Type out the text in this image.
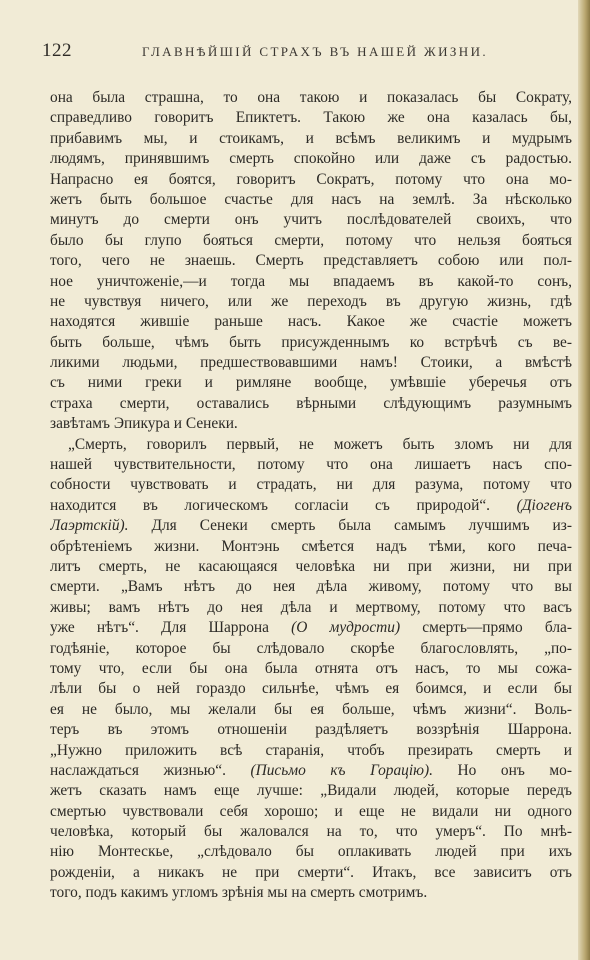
122	ГЛАВНѢЙШІЙ СТРАХЪ ВЪ НАШЕЙ ЖИЗНИ.
она была страшна, то она такою и показалась бы Сократу,
справедливо говоритъ Епиктетъ. Такою же она казалась бы,
прибавимъ мы, и стоикамъ, и всѣмъ великимъ и мудрымъ
людямъ, принявшимъ смерть спокойно или даже съ радостью.
Напрасно ея боятся, говоритъ Сократъ, потому что она мо-
жетъ быть большое счастье для насъ на землѣ. За нѣсколько
минутъ до смерти онъ учитъ послѣдователей своихъ, что
было бы глупо бояться смерти, потому что нельзя бояться
того, чего не знаешь. Смерть представляетъ собою или пол-
ное уничтоженіе,—и тогда мы впадаемъ въ какой-то сонъ,
не чувствуя ничего, или же переходъ въ другую жизнь, гдѣ
находятся жившіе раньше насъ. Какое же счастіе можетъ
быть больше, чѣмъ быть присужденнымъ ко встрѣчѣ съ ве-
ликими людьми, предшествовавшими намъ! Стоики, а вмѣстѣ
съ ними греки и римляне вообще, умѣвшіе уберечья отъ
страха смерти, оставались вѣрными слѣдующимъ разумнымъ
завѣтамъ Эпикура и Сенеки.
„Смерть, говорилъ первый, не можетъ быть зломъ ни для
нашей чувствительности, потому что она лишаетъ насъ спо-
собности чувствовать и страдать, ни для разума, потому что
находится въ логическомъ согласіи съ природой“. (Діогенъ
Лаэртскій). Для Сенеки смерть была самымъ лучшимъ из-
обрѣтеніемъ жизни. Монтэнь смѣется надъ тѣми, кого печа-
литъ смерть, не касающаяся человѣка ни при жизни, ни при
смерти. „Вамъ нѣтъ до нея дѣла живому, потому что вы
живы; вамъ нѣтъ до нея дѣла и мертвому, потому что васъ
уже нѣтъ“. Для Шаррона (О мудрости) смерть—прямо бла-
годѣяніе, которое бы слѣдовало скорѣе благословлять, „по-
тому что, если бы она была отнята отъ насъ, то мы сожа-
лѣли бы о ней гораздо сильнѣе, чѣмъ ея боимся, и если бы
ея не было, мы желали бы ея больше, чѣмъ жизни“. Воль-
теръ въ этомъ отношеніи раздѣляетъ воззрѣнія Шаррона.
„Нужно приложить всѣ старанія, чтобъ презирать смерть и
наслаждаться жизнью“. (Письмо къ Горацію). Но онъ мо-
жетъ сказать намъ еще лучше: „Видали людей, которые передъ
смертью чувствовали себя хорошо; и еще не видали ни одного
человѣка, который бы жаловался на то, что умеръ“. По мнѣ-
нію Монтескье, „слѣдовало бы оплакивать людей при ихъ
рожденіи, а никакъ не при смерти“. Итакъ, все зависитъ отъ
того, подъ какимъ угломъ зрѣнія мы на смерть смотримъ.
